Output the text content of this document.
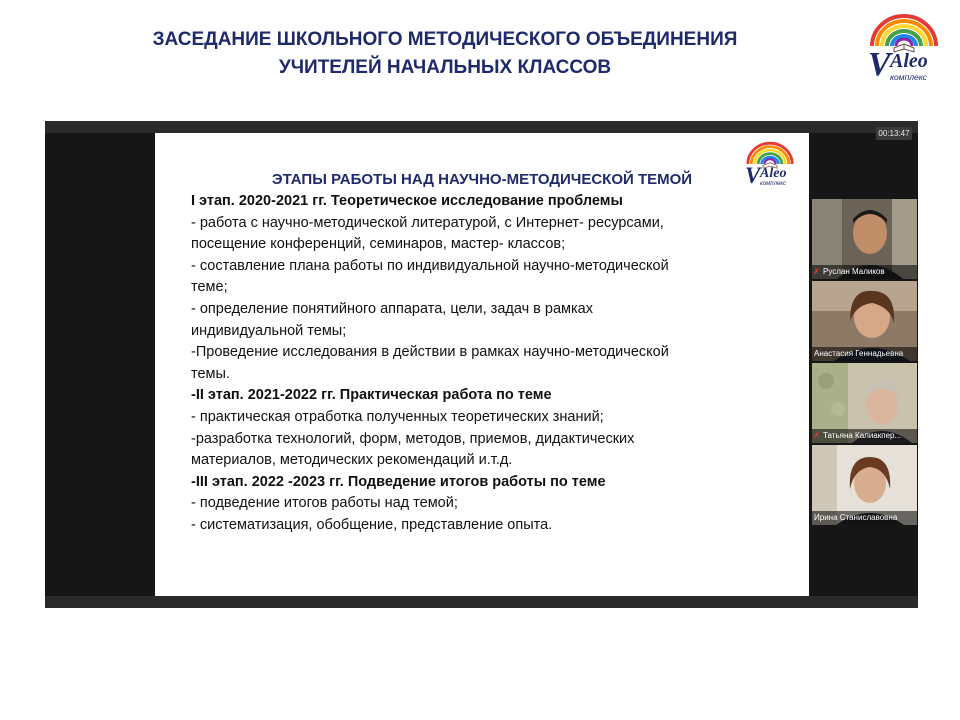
ЗАСЕДАНИЕ ШКОЛЬНОГО МЕТОДИЧЕСКОГО ОБЪЕДИНЕНИЯ
УЧИТЕЛЕЙ НАЧАЛЬНЫХ КЛАССОВ	V Aleo
комплекс
00:13:47
V Aleo
комплекс
ЭТАПЫ РАБОТЫ НАД НАУЧНО-МЕТОДИЧЕСКОЙ ТЕМОЙ
I этап. 2020-2021 гг. Теоретическое исследование проблемы
- работа с научно-методической литературой, с Интернет- ресурсами,
посещение конференций, семинаров, мастер- классов;
- составление плана работы по индивидуальной научно-методической
теме;
- определение понятийного аппарата, цели, задач в рамках
индивидуальной темы;
-Проведение исследования в действии в рамках научно-методической
темы.
-II этап. 2021-2022 гг. Практическая работа по теме
- практическая отработка полученных теоретических знаний;
-разработка технологий, форм, методов, приемов, дидактических
материалов, методических рекомендаций и.т.д.
-III этап. 2022 -2023 гг. Подведение итогов работы по теме
- подведение итогов работы над темой;
- систематизация, обобщение, представление опыта.
✗ Руслан Маликов
Анастасия Геннадьевна
✗ Татьяна Калиакпер...
Ирина Станиславовна
